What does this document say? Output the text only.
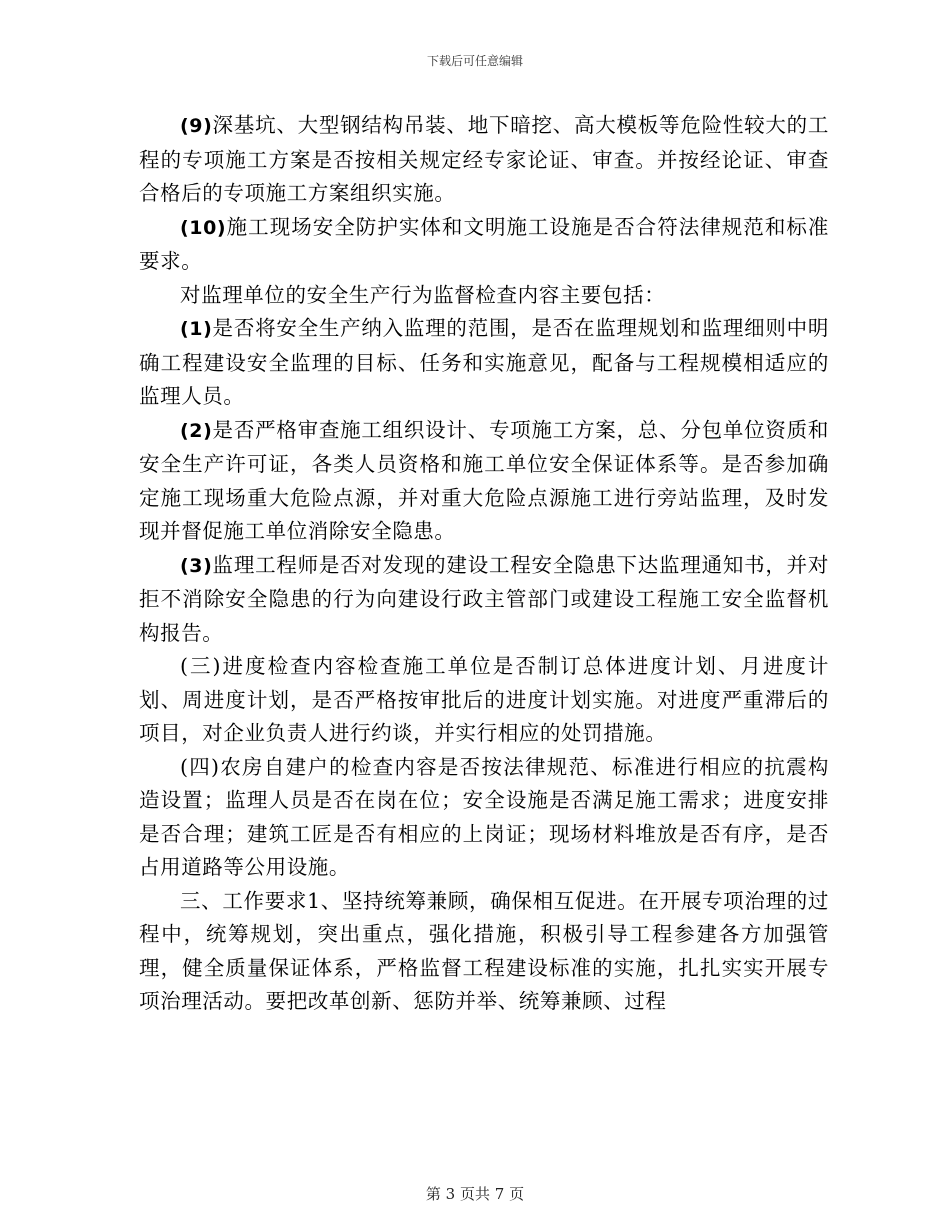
下载后可任意编辑

(9)深基坑、大型钢结构吊装、地下暗挖、高大模板等危险性较大的工程的专项施工方案是否按相关规定经专家论证、审查。并按经论证、审查合格后的专项施工方案组织实施。

(10)施工现场安全防护实体和文明施工设施是否合符法律规范和标准要求。

对监理单位的安全生产行为监督检查内容主要包括：

(1)是否将安全生产纳入监理的范围，是否在监理规划和监理细则中明确工程建设安全监理的目标、任务和实施意见，配备与工程规模相适应的监理人员。

(2)是否严格审查施工组织设计、专项施工方案，总、分包单位资质和安全生产许可证，各类人员资格和施工单位安全保证体系等。是否参加确定施工现场重大危险点源，并对重大危险点源施工进行旁站监理，及时发现并督促施工单位消除安全隐患。

(3)监理工程师是否对发现的建设工程安全隐患下达监理通知书，并对拒不消除安全隐患的行为向建设行政主管部门或建设工程施工安全监督机构报告。

(三)进度检查内容检查施工单位是否制订总体进度计划、月进度计划、周进度计划，是否严格按审批后的进度计划实施。对进度严重滞后的项目，对企业负责人进行约谈，并实行相应的处罚措施。

(四)农房自建户的检查内容是否按法律规范、标准进行相应的抗震构造设置；监理人员是否在岗在位；安全设施是否满足施工需求；进度安排是否合理；建筑工匠是否有相应的上岗证；现场材料堆放是否有序，是否占用道路等公用设施。

三、工作要求1、坚持统筹兼顾，确保相互促进。在开展专项治理的过程中，统筹规划，突出重点，强化措施，积极引导工程参建各方加强管理，健全质量保证体系，严格监督工程建设标准的实施，扎扎实实开展专项治理活动。要把改革创新、惩防并举、统筹兼顾、过程

第 3 页共 7 页
